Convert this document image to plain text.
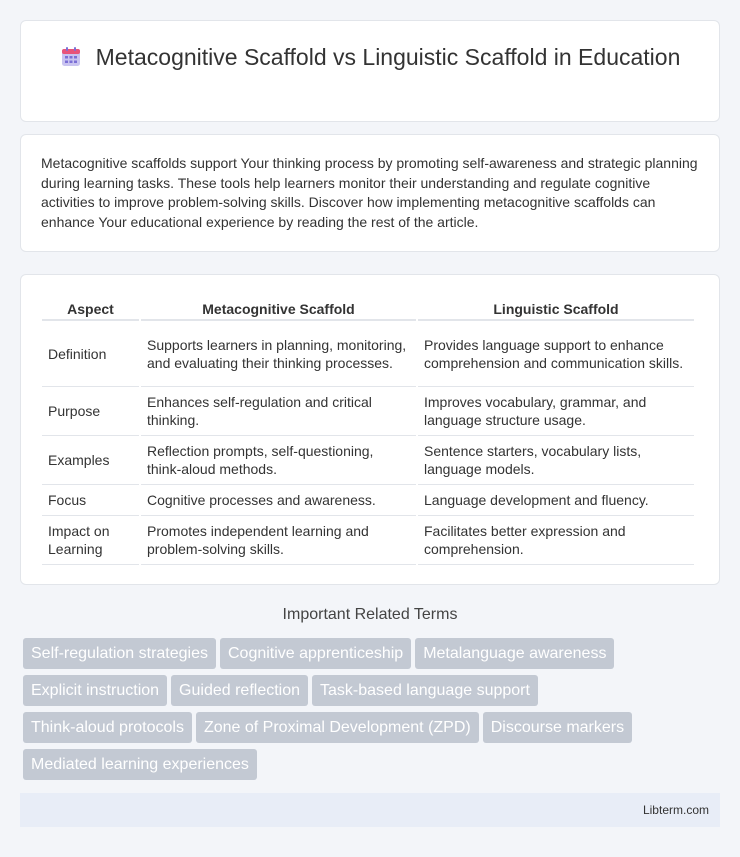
Metacognitive Scaffold vs Linguistic Scaffold in Education

Metacognitive scaffolds support Your thinking process by promoting self-awareness and strategic planning during learning tasks. These tools help learners monitor their understanding and regulate cognitive activities to improve problem-solving skills. Discover how implementing metacognitive scaffolds can enhance Your educational experience by reading the rest of the article.

Aspect	Metacognitive Scaffold	Linguistic Scaffold
Definition	Supports learners in planning, monitoring, and evaluating their thinking processes.	Provides language support to enhance comprehension and communication skills.
Purpose	Enhances self-regulation and critical thinking.	Improves vocabulary, grammar, and language structure usage.
Examples	Reflection prompts, self-questioning, think-aloud methods.	Sentence starters, vocabulary lists, language models.
Focus	Cognitive processes and awareness.	Language development and fluency.
Impact on Learning	Promotes independent learning and problem-solving skills.	Facilitates better expression and comprehension.
Important Related Terms
Self-regulation strategies Cognitive apprenticeship Metalanguage awareness
Explicit instruction Guided reflection Task-based language support
Think-aloud protocols Zone of Proximal Development (ZPD) Discourse markers
Mediated learning experiences
Libterm.com
